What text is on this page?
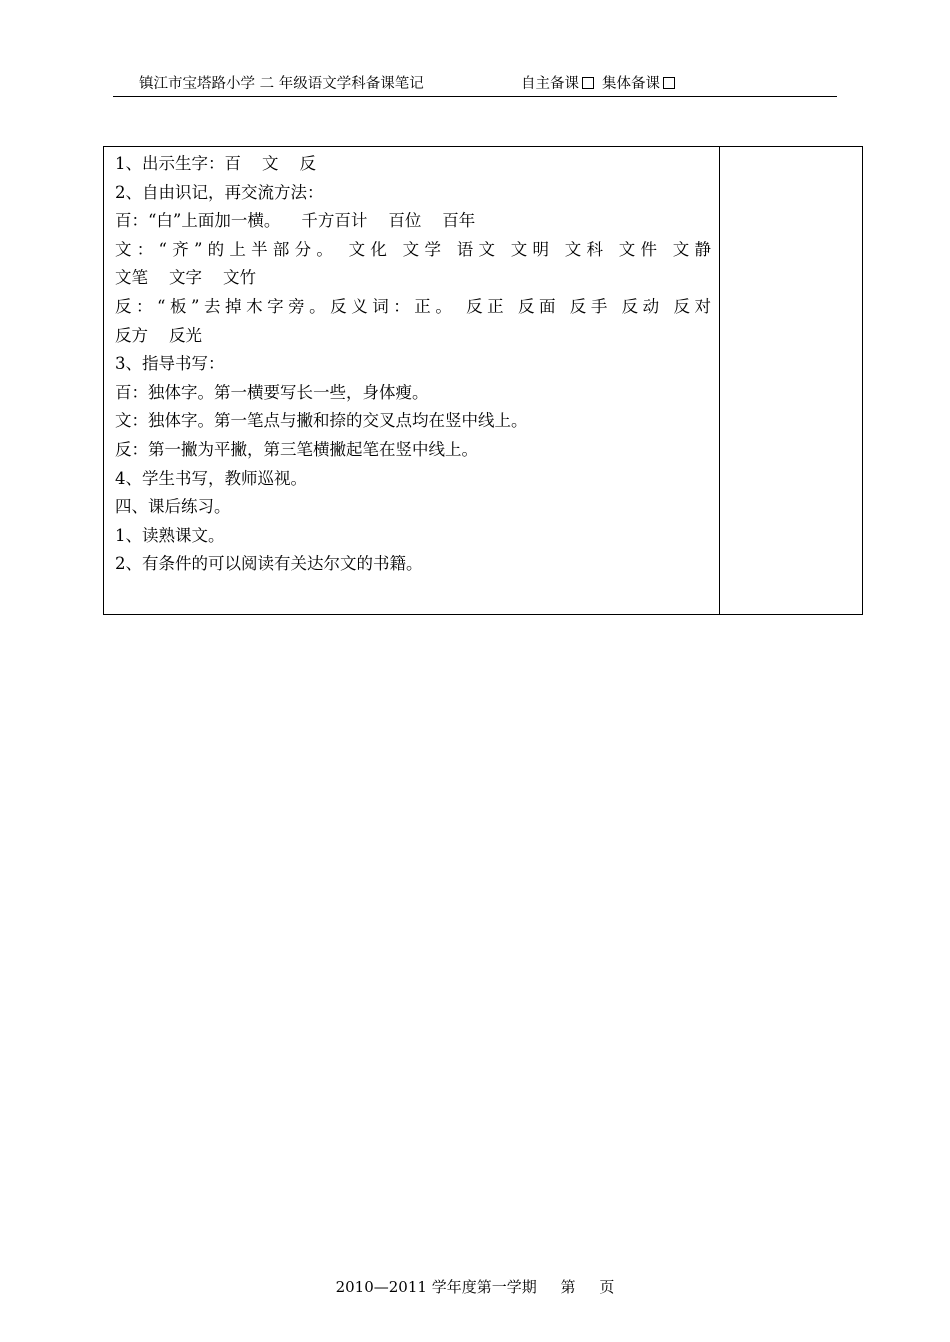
镇江市宝塔路小学 二 年级语文学科备课笔记	自主备课 集体备课
1、出示生字：百    文    反
2、自由识记，再交流方法：
百：“白”上面加一横。    千方百计    百位    百年
文：“齐”的上半部分。 文化 文学 语文 文明 文科 文件 文静
文笔    文字    文竹
反：“板”去掉木字旁。反义词：正。 反正 反面 反手 反动 反对
反方    反光
3、指导书写：
百：独体字。第一横要写长一些，身体瘦。
文：独体字。第一笔点与撇和捺的交叉点均在竖中线上。
反：第一撇为平撇，第三笔横撇起笔在竖中线上。
4、学生书写，教师巡视。
四、课后练习。
1、读熟课文。
2、有条件的可以阅读有关达尔文的书籍。
2010—2011 学年度第一学期     第     页
